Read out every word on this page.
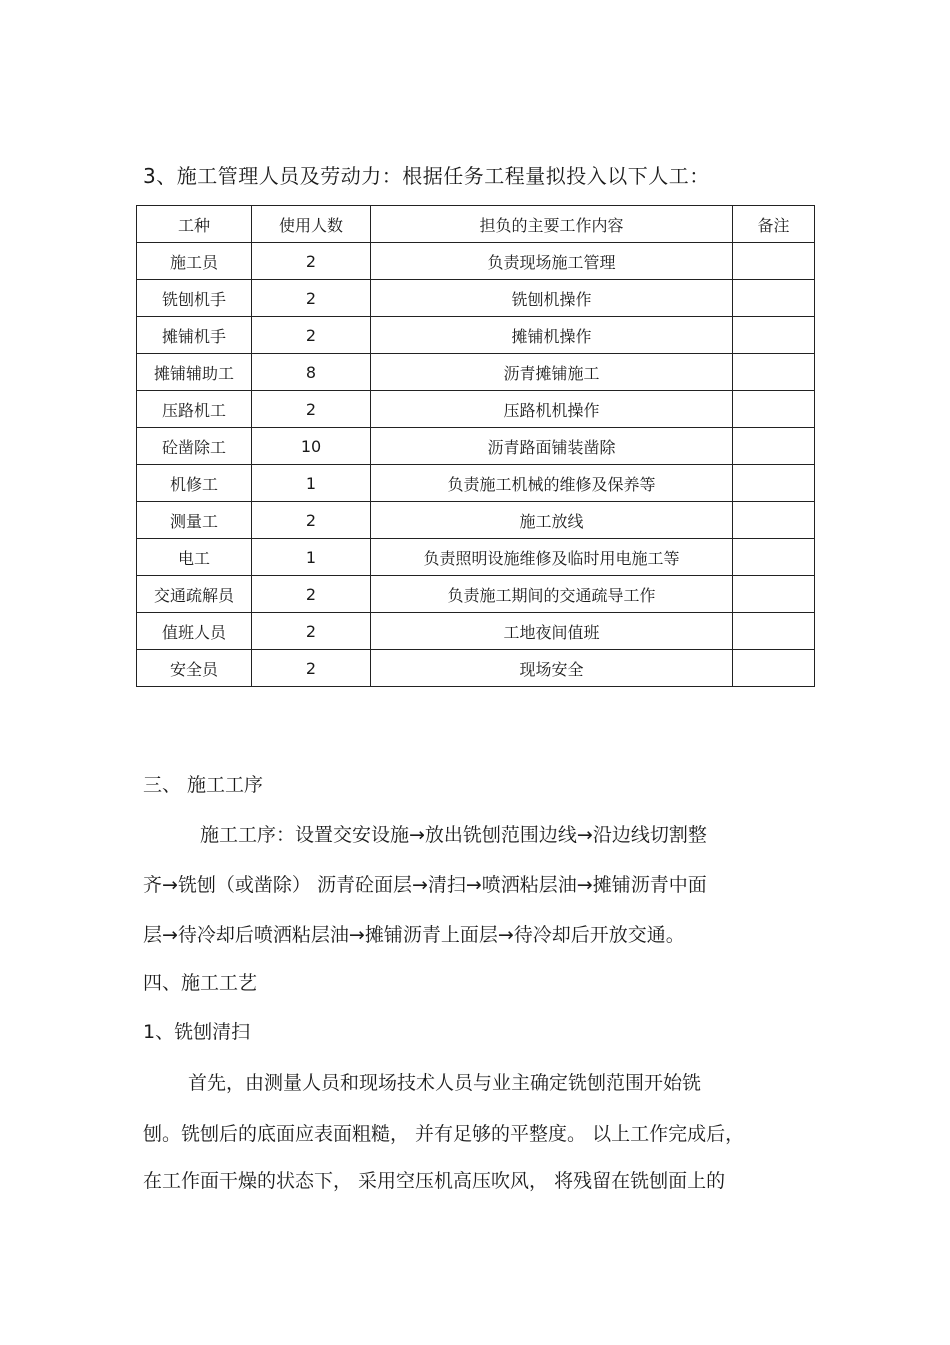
3、施工管理人员及劳动力：根据任务工程量拟投入以下人工：
工种	使用人数	担负的主要工作内容	备注
施工员	2	负责现场施工管理	
铣刨机手	2	铣刨机操作	
摊铺机手	2	摊铺机操作	
摊铺辅助工	8	沥青摊铺施工	
压路机工	2	压路机机操作	
砼凿除工	10	沥青路面铺装凿除	
机修工	1	负责施工机械的维修及保养等	
测量工	2	施工放线	
电工	1	负责照明设施维修及临时用电施工等	
交通疏解员	2	负责施工期间的交通疏导工作	
值班人员	2	工地夜间值班	
安全员	2	现场安全	
三、 施工工序
施工工序：设置交安设施→放出铣刨范围边线→沿边线切割整
齐→铣刨（或凿除） 沥青砼面层→清扫→喷洒粘层油→摊铺沥青中面
层→待冷却后喷洒粘层油→摊铺沥青上面层→待冷却后开放交通。
四、施工工艺
1、铣刨清扫
首先，由测量人员和现场技术人员与业主确定铣刨范围开始铣
刨。铣刨后的底面应表面粗糙， 并有足够的平整度。 以上工作完成后，
在工作面干燥的状态下， 采用空压机高压吹风， 将残留在铣刨面上的
